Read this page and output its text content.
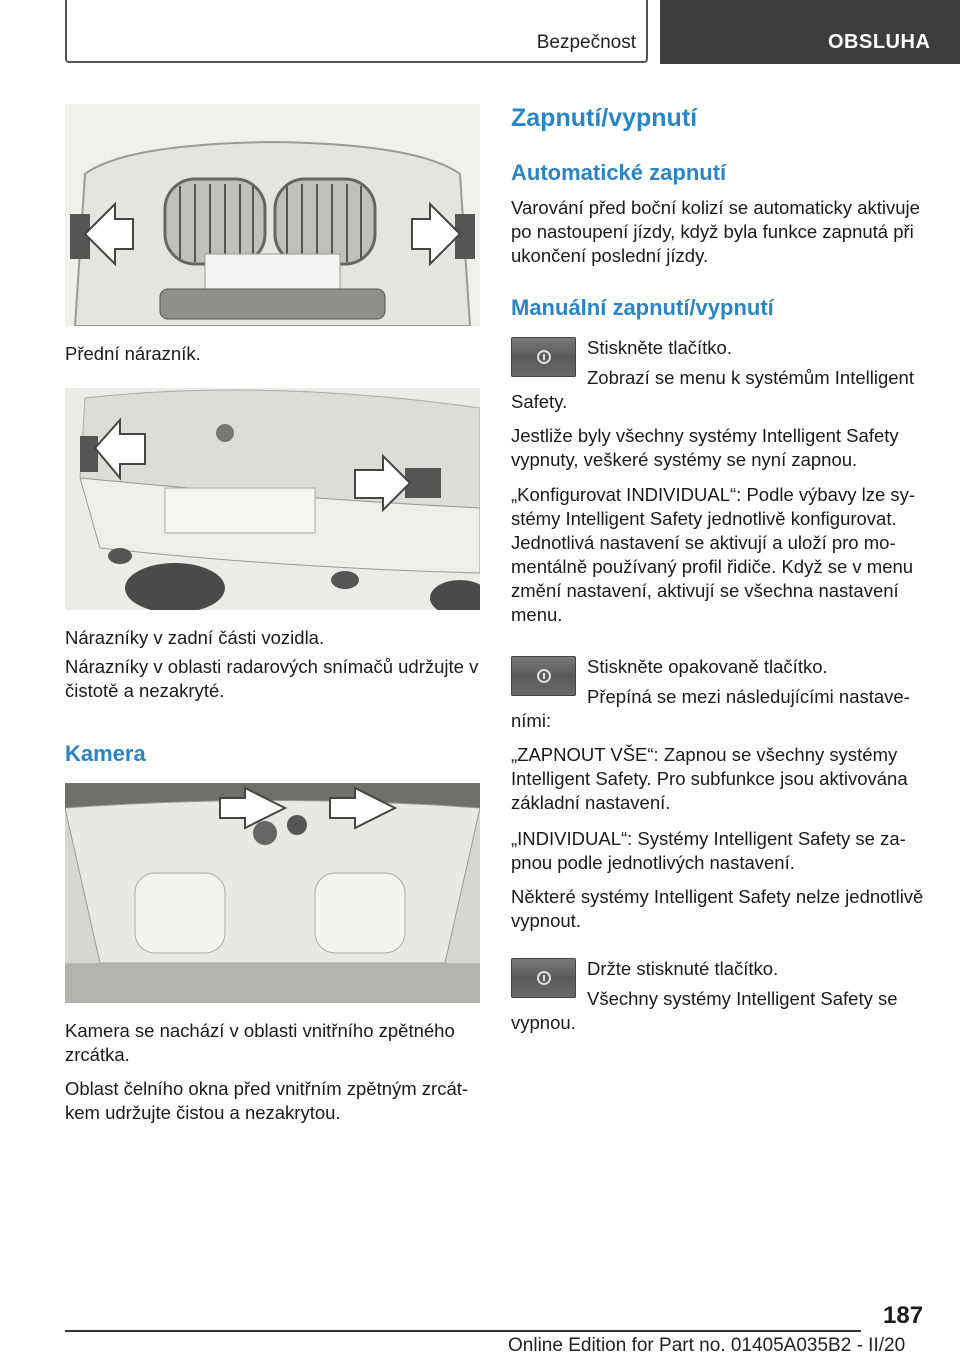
Bezpečnost	OBSLUHA

Přední nárazník.

Nárazníky v zadní části vozidla.

Nárazníky v oblasti radarových snímačů udržujte v čistotě a nezakryté.

Kamera

Kamera se nachází v oblasti vnitřního zpětného zrcátka.

Oblast čelního okna před vnitřním zpětným zrcátkem udržujte čistou a nezakrytou.

Zapnutí/vypnutí
Automatické zapnutí

Varování před boční kolizí se automaticky aktivuje po nastoupení jízdy, když byla funkce zapnutá při ukončení poslední jízdy.

Manuální zapnutí/vypnutí

Stiskněte tlačítko.

Zobrazí se menu k systémům Intelligent Safety.

Jestliže byly všechny systémy Intelligent Safety vypnuty, veškeré systémy se nyní zapnou.

„Konfigurovat INDIVIDUAL“: Podle výbavy lze systémy Intelligent Safety jednotlivě konfigurovat. Jednotlivá nastavení se aktivují a uloží pro momentálně používaný profil řidiče. Když se v menu změní nastavení, aktivují se všechna nastavení menu.

Stiskněte opakovaně tlačítko.

Přepíná se mezi následujícími nastaveními:

„ZAPNOUT VŠE“: Zapnou se všechny systémy Intelligent Safety. Pro subfunkce jsou aktivována základní nastavení.

„INDIVIDUAL“: Systémy Intelligent Safety se zapnou podle jednotlivých nastavení.

Některé systémy Intelligent Safety nelze jednotlivě vypnout.

Držte stisknuté tlačítko.

Všechny systémy Intelligent Safety se vypnou.

187
Online Edition for Part no. 01405A035B2 - II/20
